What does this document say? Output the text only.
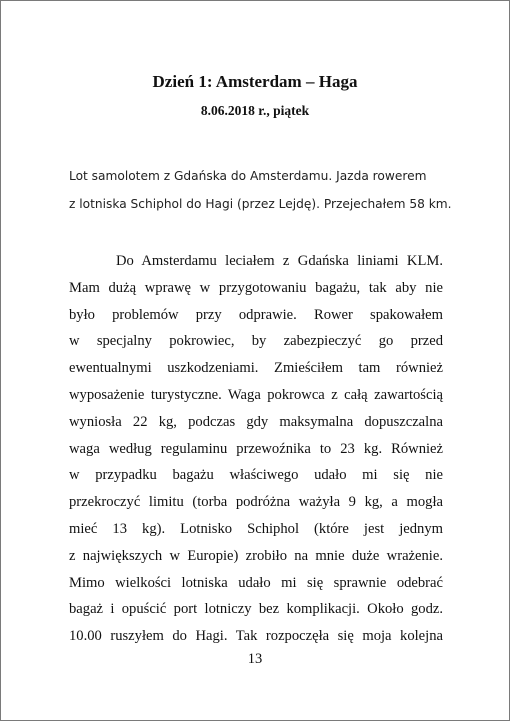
Dzień 1: Amsterdam – Haga
8.06.2018 r., piątek
Lot samolotem z Gdańska do Amsterdamu. Jazda rowerem
z lotniska Schiphol do Hagi (przez Lejdę). Przejechałem 58 km.
Do Amsterdamu leciałem z Gdańska liniami KLM.
Mam dużą wprawę w przygotowaniu bagażu, tak aby nie
było problemów przy odprawie. Rower spakowałem
w specjalny pokrowiec, by zabezpieczyć go przed
ewentualnymi uszkodzeniami. Zmieściłem tam również
wyposażenie turystyczne. Waga pokrowca z całą zawartością
wyniosła 22 kg, podczas gdy maksymalna dopuszczalna
waga według regulaminu przewoźnika to 23 kg. Również
w przypadku bagażu właściwego udało mi się nie
przekroczyć limitu (torba podróżna ważyła 9 kg, a mogła
mieć 13 kg). Lotnisko Schiphol (które jest jednym
z największych w Europie) zrobiło na mnie duże wrażenie.
Mimo wielkości lotniska udało mi się sprawnie odebrać
bagaż i opuścić port lotniczy bez komplikacji. Około godz.
10.00 ruszyłem do Hagi. Tak rozpoczęła się moja kolejna
13
